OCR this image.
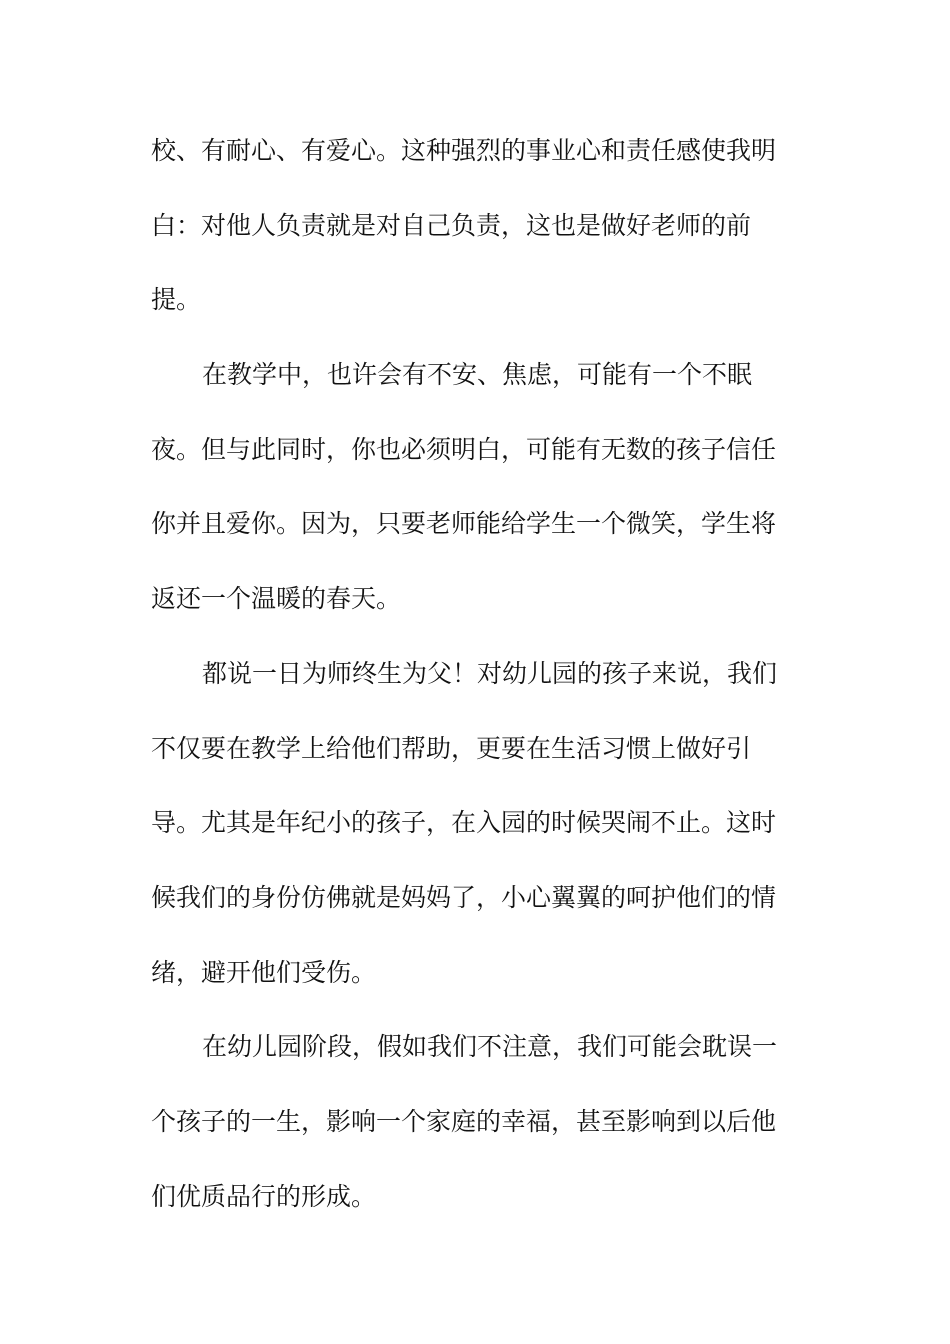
校、有耐心、有爱心。这种强烈的事业心和责任感使我明
白：对他人负责就是对自己负责，这也是做好老师的前
提。
在教学中，也许会有不安、焦虑，可能有一个不眠
夜。但与此同时，你也必须明白，可能有无数的孩子信任
你并且爱你。因为，只要老师能给学生一个微笑，学生将
返还一个温暖的春天。
都说一日为师终生为父！对幼儿园的孩子来说，我们
不仅要在教学上给他们帮助，更要在生活习惯上做好引
导。尤其是年纪小的孩子，在入园的时候哭闹不止。这时
候我们的身份仿佛就是妈妈了，小心翼翼的呵护他们的情
绪，避开他们受伤。
在幼儿园阶段，假如我们不注意，我们可能会耽误一
个孩子的一生，影响一个家庭的幸福，甚至影响到以后他
们优质品行的形成。
